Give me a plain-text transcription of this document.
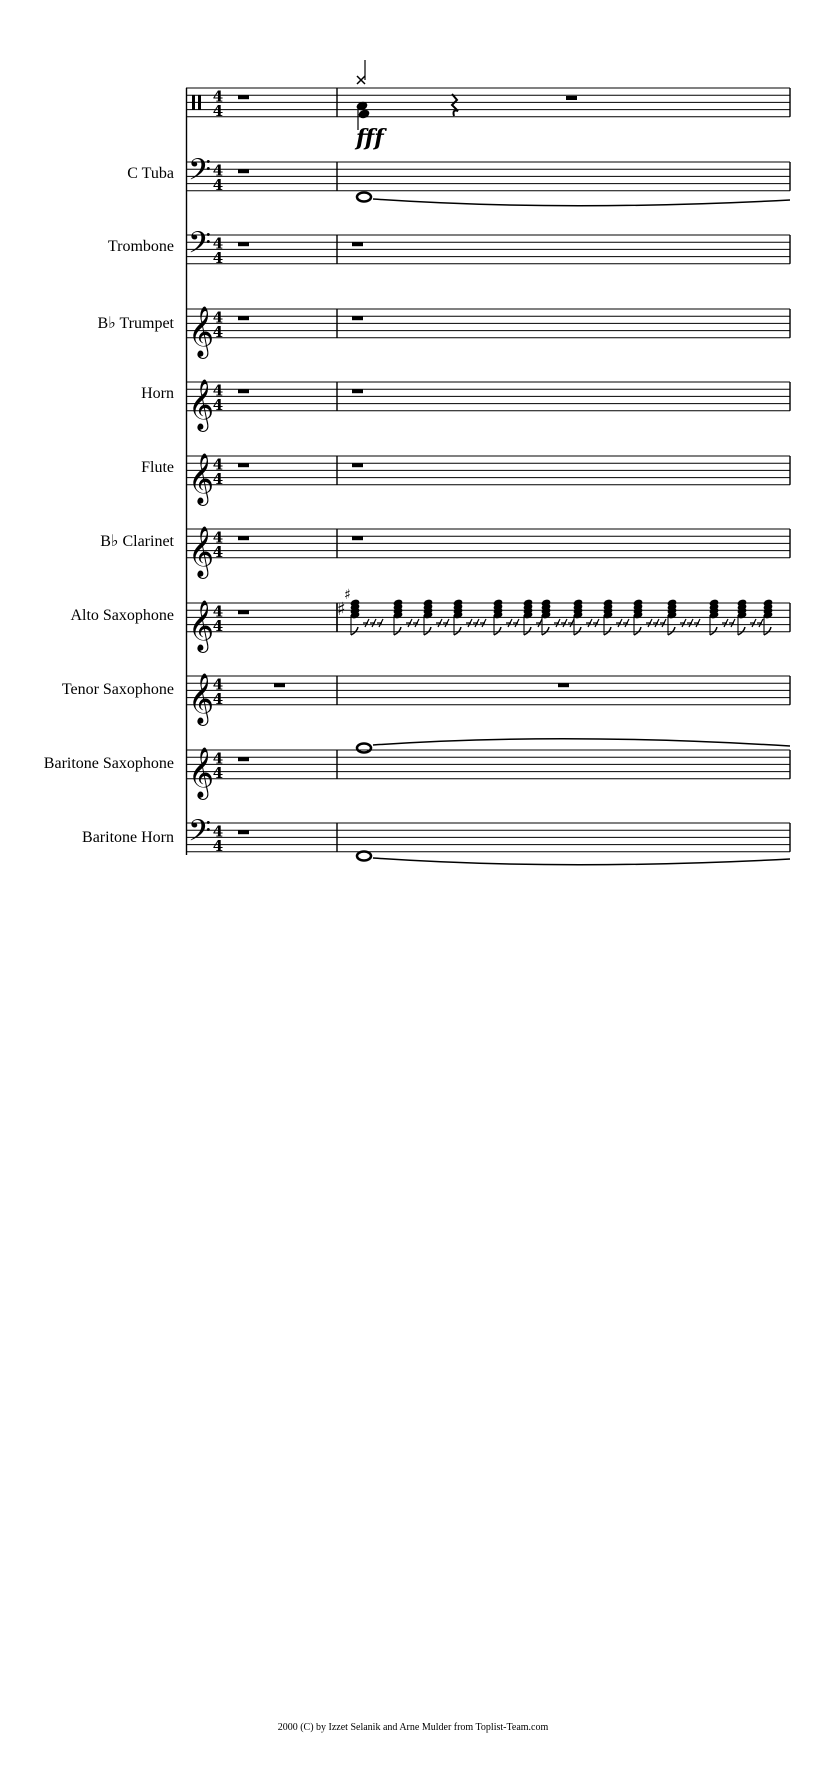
C Tuba
Trombone
B♭ Trumpet
Horn
Flute
B♭ Clarinet
Alto Saxophone
Tenor Saxophone
Baritone Saxophone
Baritone Horn
4
4
𝄢 4
4
𝄢 4
4
𝄞
4
4
𝄞
4
4
𝄞
4
4
𝄞
4
4
𝄞
4
4
𝄞
4
4
𝄞
4
4
𝄢 4
4
fff
♯
♯
2000 (C) by Izzet Selanik and Arne Mulder from Toplist-Team.com
